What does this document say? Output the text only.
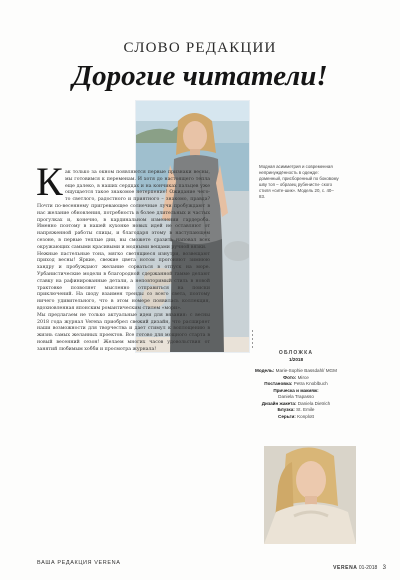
СЛОВО РЕДАКЦИИ
Дорогие читатели!
Модная асимметрия и современная непринуждённость в одежде: доменный, присборенный по боковому шву топ – образец рубенисти- ского стиля «сите-шик». Модель 20, с. 40–83.
К ак только за окном появляются первые признаки весны, мы готовимся к переменам. И хотя до настоящего тепла еще далеко, в наших сердцах и на кончиках пальцев уже ощущается такое знакомое нетерпение! Ожидание чего-то светлого, радостного и приятного – знакомо, правда? Почти по-весеннему пригревающее солнечные лучи пробуждают в нас желание обновления, потребность в более длительных и частых прогулках и, конечно, в кардинальном изменении гардероба. Именно поэтому в нашей кухонке новых идей не оставляют от напряженной работы спицы, и благодаря этому в наступающем сезоне, в первые теплые дни, вы сможете сразить наповал всех окружающих самыми красивыми и модными вещами ручной вязки.

Нежные пастельные тона, мягко светящиеся изнутри, возвещают приход весны! Яркие, свежие цвета нотом прогоняют зимнюю хандру и пробуждают желание сорваться в отпуск на море. Урбанистические модели в благородной сдержанной гамме делают ставку на рафинированные детали, а неповторимый стиль в новой трактовке позволяет мысленно отправиться на поиски приключений. На шоду взаимен тренды со всего света, поэтому ничего удивительного, что в этом номере появилась коллекция, вдохновленная японским романтическим стилем «мори».

Мы предлагаем не только актуальные идеи для вязания: с весны 2018 года журнал Verena приобрел свежий дизайн, что расширяет наши возможности для творчества и дает стимул к воплощению в жизнь самых желанных проектов. Все готово для мощного старта в новый весенний сезон! Желаем многих часов удовольствия от занятий любимым хобби и просмотра журнала!

ВАША РЕДАКЦИЯ VERENA
ОБЛОЖКА
1/2018
Модель: Marie-Sophie Bassdahl/ MGM
Фото: Mirce
Постановка: Petra Knoblbuch
Прическа и макияж:
Daniela Trapasso
Дизайн жакета: Daniela Dietrich
Блузка: St. Emile
Серьги: Konplott
VERENA 01-2018 3
